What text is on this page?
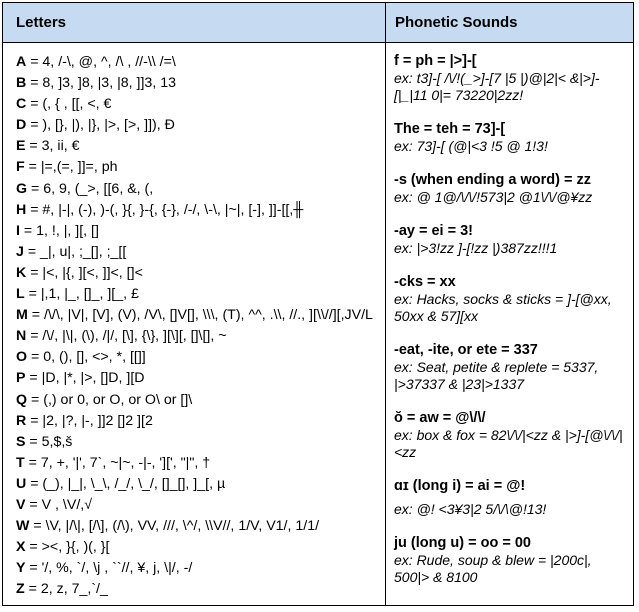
Letters	Phonetic Sounds
A = 4, /-\, @, ^, /\ , //-\\ /=\
B = 8, ]3, ]8, |3, |8, ]]3, 13
C = (, { , [[, <, €
D = ), [}, |), |}, |>, [>, ]]), Ð
E = 3, ii, €
F = |=,(=, ]]=, ph
G = 6, 9, (_>, [[6, &, (,
H = #, |-|, (-), )-(, }{, }-{, {-}, /-/, \-\, |~|, [-], ]]-[[,╫
I = 1, !, |, ][, []
J = _|, u|, ;_[], ;_[[
K = |<, |{, ][<, ]]<, []<
L = |,1, |_, []_, ][_, £
M = /\/\, |V|, [V], (V), /V\, []V[], \\\, (T), ^^, .\\, //., ][\\//][,JV/L
N = /\/, |\|, (\), /|/, [\], {\}, ][\][, []\[], ~
O = 0, (), [], <>, *, [[]]
P = |D, |*, |>, []D, ][D
Q = (,) or 0, or O, or O\ or []\
R = |2, |?, |-, ]]2 []2 ][2
S = 5,$,š
T = 7, +, '|', 7`, ~|~, -|-, '][', "|", †
U = (_), |_|, \_\, /_/, \_/, []_[], ]_[, µ
V = V , \V/,√
W = \V, |/\|, [/\], (/\), VV, ///, \^/, \\V//, 1/V, V1/, 1/1/
X = ><, }{, )(, }[
Y = '/, %, `/, \j , ``//, ¥, j, \|/, -/
Z = 2, z, 7_,`/_
f = ph = |>]-[
ex: t3]-[ /\/!(_>]-[7 |5 |)@|2|< &|>]-[|_|11 0|= 73220|2zz!
The = teh = 73]-[
ex: 73]-[ (@|<3 !5 @ 1!3!
-s (when ending a word) = zz
ex: @ 1@/\/\/!573|2 @1\/\/@¥zz
-ay = ei = 3!
ex: |>3!zz ]-[!zz |)387zz!!!1
-cks = xx
ex: Hacks, socks & sticks = ]-[@xx, 50xx & 57][xx
-eat, -ite, or ete = 337
ex: Seat, petite & replete = 5337, |>37337 & |23|>1337
ŏ = aw = @\/\/
ex: box & fox = 82\/\/|<zz & |>]-[@\/\/|<zz
ɑɪ (long i) = ai = @!
ex: @! <3¥3|2 5/\/\@!13!
ju (long u) = oo = 00
ex: Rude, soup & blew = |200c|, 500|> & 8100
